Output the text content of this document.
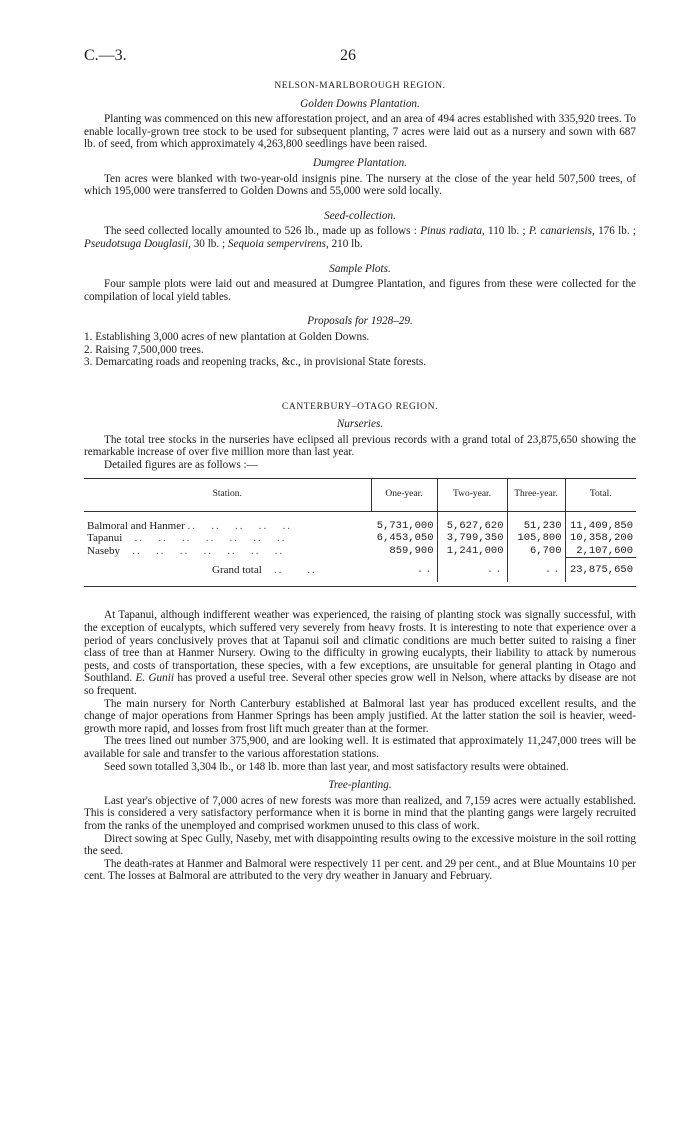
C.—3.	26
NELSON-MARLBOROUGH REGION.
Golden Downs Plantation.

Planting was commenced on this new afforestation project, and an area of 494 acres established with 335,920 trees. To enable locally-grown tree stock to be used for subsequent planting, 7 acres were laid out as a nursery and sown with 687 lb. of seed, from which approximately 4,263,800 seedlings have been raised.

Dumgree Plantation.

Ten acres were blanked with two-year-old insignis pine. The nursery at the close of the year held 507,500 trees, of which 195,000 were transferred to Golden Downs and 55,000 were sold locally.

Seed-collection.

The seed collected locally amounted to 526 lb., made up as follows : Pinus radiata, 110 lb. ; P. canariensis, 176 lb. ; Pseudotsuga Douglasii, 30 lb. ; Sequoia sempervirens, 210 lb.

Sample Plots.

Four sample plots were laid out and measured at Dumgree Plantation, and figures from these were collected for the compilation of local yield tables.

Proposals for 1928–29.
1. Establishing 3,000 acres of new plantation at Golden Downs.
2. Raising 7,500,000 trees.
3. Demarcating roads and reopening tracks, &c., in provisional State forests.
CANTERBURY–OTAGO REGION.
Nurseries.

The total tree stocks in the nurseries have eclipsed all previous records with a grand total of 23,875,650 showing the remarkable increase of over five million more than last year.

Detailed figures are as follows :—

Station.	One-year.	Two-year.	Three-year.	Total.

Balmoral and Hanmer ..   ..   ..   ..   ..	5,731,000	5,627,620	51,230	11,409,850
Tapanui   ..   ..   ..   ..   ..   ..   ..	6,453,050	3,799,350	105,800	10,358,200
Naseby   ..   ..   ..   ..   ..   ..   ..	859,900	1,241,000	6,700	2,107,600
Grand total   ..     ..	..	..	..	23,875,650

At Tapanui, although indifferent weather was experienced, the raising of planting stock was signally successful, with the exception of eucalypts, which suffered very severely from heavy frosts. It is interesting to note that experience over a period of years conclusively proves that at Tapanui soil and climatic conditions are much better suited to raising a finer class of tree than at Hanmer Nursery. Owing to the difficulty in growing eucalypts, their liability to attack by numerous pests, and costs of transportation, these species, with a few exceptions, are unsuitable for general planting in Otago and Southland. E. Gunii has proved a useful tree. Several other species grow well in Nelson, where attacks by disease are not so frequent.

The main nursery for North Canterbury established at Balmoral last year has produced excellent results, and the change of major operations from Hanmer Springs has been amply justified. At the latter station the soil is heavier, weed-growth more rapid, and losses from frost lift much greater than at the former.

The trees lined out number 375,900, and are looking well. It is estimated that approximately 11,247,000 trees will be available for sale and transfer to the various afforestation stations.

Seed sown totalled 3,304 lb., or 148 lb. more than last year, and most satisfactory results were obtained.

Tree-planting.

Last year's objective of 7,000 acres of new forests was more than realized, and 7,159 acres were actually established. This is considered a very satisfactory performance when it is borne in mind that the planting gangs were largely recruited from the ranks of the unemployed and comprised workmen unused to this class of work.

Direct sowing at Spec Gully, Naseby, met with disappointing results owing to the excessive moisture in the soil rotting the seed.

The death-rates at Hanmer and Balmoral were respectively 11 per cent. and 29 per cent., and at Blue Mountains 10 per cent. The losses at Balmoral are attributed to the very dry weather in January and February.
